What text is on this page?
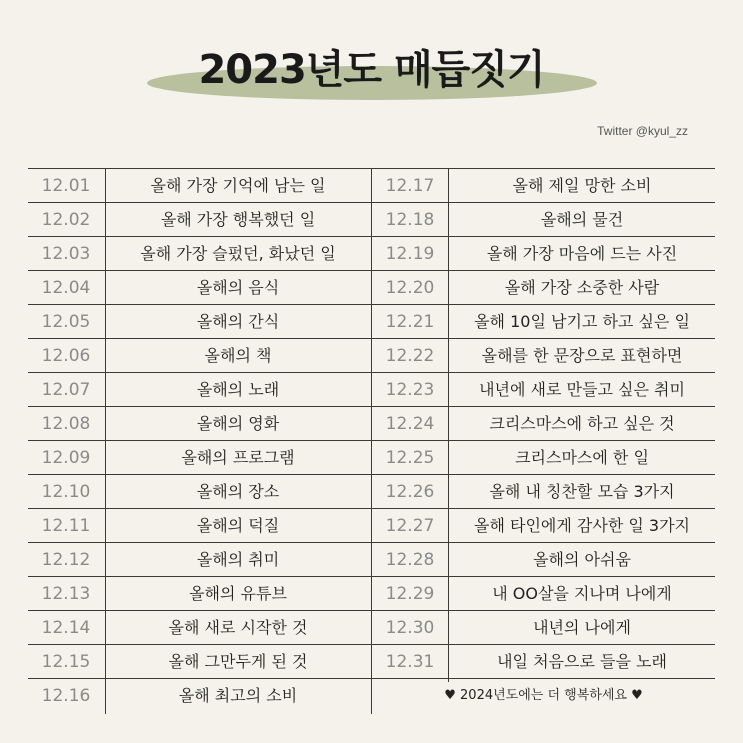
2023년도 매듭짓기
Twitter @kyul_zz
12.01	올해 가장 기억에 남는 일	12.17	올해 제일 망한 소비
12.02	올해 가장 행복했던 일	12.18	올해의 물건
12.03	올해 가장 슬펐던, 화났던 일	12.19	올해 가장 마음에 드는 사진
12.04	올해의 음식	12.20	올해 가장 소중한 사람
12.05	올해의 간식	12.21	올해 10일 남기고 하고 싶은 일
12.06	올해의 책	12.22	올해를 한 문장으로 표현하면
12.07	올해의 노래	12.23	내년에 새로 만들고 싶은 취미
12.08	올해의 영화	12.24	크리스마스에 하고 싶은 것
12.09	올해의 프로그램	12.25	크리스마스에 한 일
12.10	올해의 장소	12.26	올해 내 칭찬할 모습 3가지
12.11	올해의 덕질	12.27	올해 타인에게 감사한 일 3가지
12.12	올해의 취미	12.28	올해의 아쉬움
12.13	올해의 유튜브	12.29	내 OO살을 지나며 나에게
12.14	올해 새로 시작한 것	12.30	내년의 나에게
12.15	올해 그만두게 된 것	12.31	내일 처음으로 들을 노래
12.16	올해 최고의 소비	♥ 2024년도에는 더 행복하세요 ♥
